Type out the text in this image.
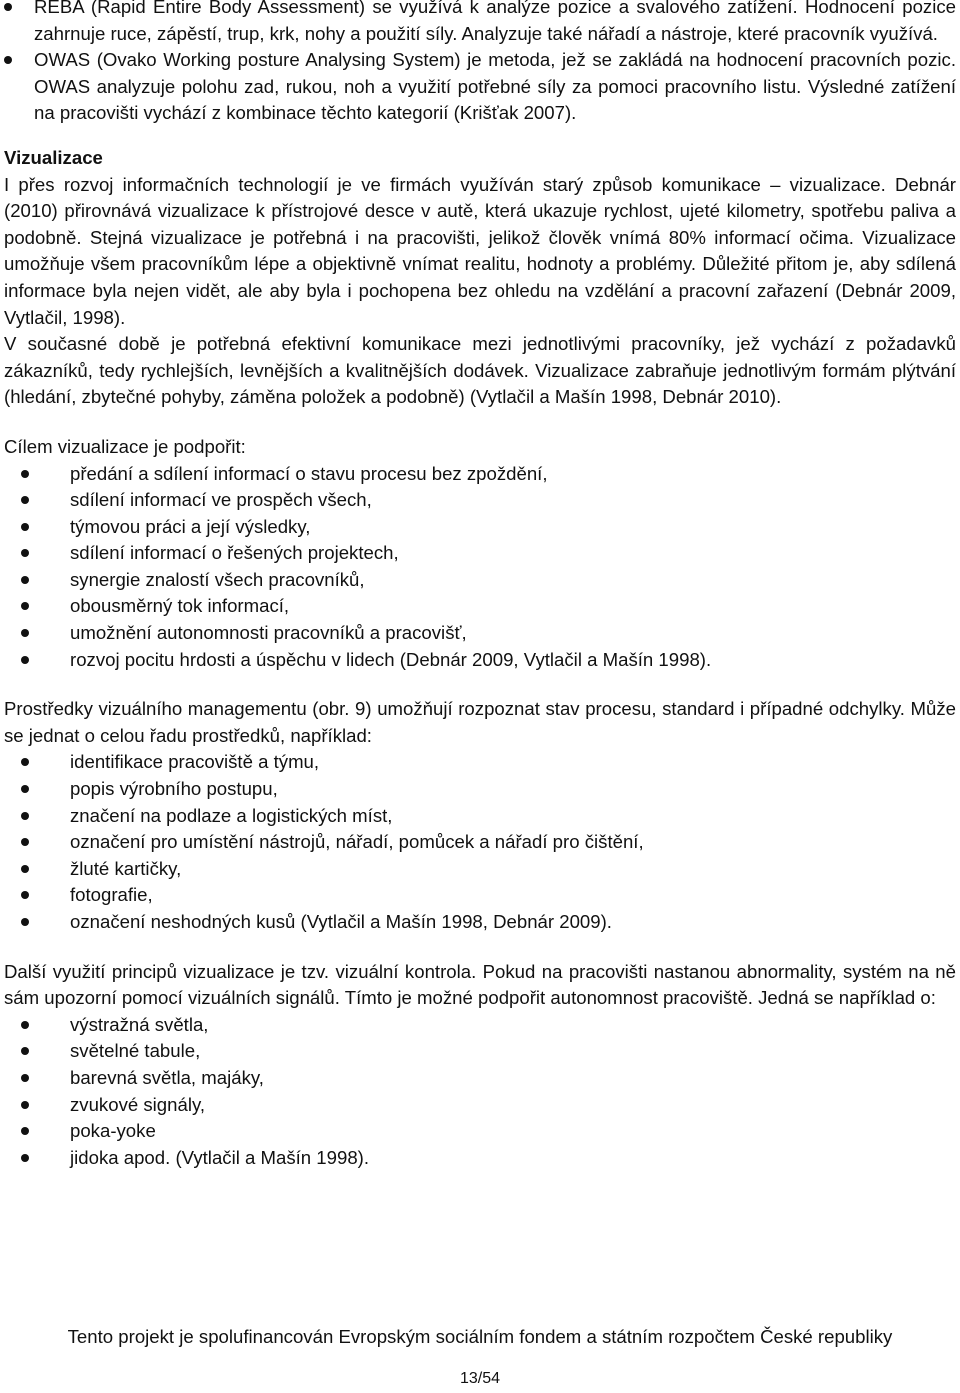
REBA (Rapid Entire Body Assessment) se využívá k analýze pozice a svalového zatížení. Hodnocení pozice zahrnuje ruce, zápěstí, trup, krk, nohy a použití síly. Analyzuje také nářadí a nástroje, které pracovník využívá.
OWAS (Ovako Working posture Analysing System) je metoda, jež se zakládá na hodnocení pracovních pozic. OWAS analyzuje polohu zad, rukou, noh a využití potřebné síly za pomoci pracovního listu. Výsledné zatížení na pracovišti vychází z kombinace těchto kategorií (Krišťak 2007).
Vizualizace

I přes rozvoj informačních technologií je ve firmách využíván starý způsob komunikace – vizualizace. Debnár (2010) přirovnává vizualizace k přístrojové desce v autě, která ukazuje rychlost, ujeté kilometry, spotřebu paliva a podobně. Stejná vizualizace je potřebná i na pracovišti, jelikož člověk vnímá 80% informací očima. Vizualizace umožňuje všem pracovníkům lépe a objektivně vnímat realitu, hodnoty a problémy. Důležité přitom je, aby sdílená informace byla nejen vidět, ale aby byla i pochopena bez ohledu na vzdělání a pracovní zařazení (Debnár 2009, Vytlačil, 1998).

V současné době je potřebná efektivní komunikace mezi jednotlivými pracovníky, jež vychází z požadavků zákazníků, tedy rychlejších, levnějších a kvalitnějších dodávek. Vizualizace zabraňuje jednotlivým formám plýtvání (hledání, zbytečné pohyby, záměna položek a podobně) (Vytlačil a Mašín 1998, Debnár 2010).

Cílem vizualizace je podpořit:

předání a sdílení informací o stavu procesu bez zpoždění,
sdílení informací ve prospěch všech,
týmovou práci a její výsledky,
sdílení informací o řešených projektech,
synergie znalostí všech pracovníků,
obousměrný tok informací,
umožnění autonomnosti pracovníků a pracovišť,
rozvoj pocitu hrdosti a úspěchu v lidech (Debnár 2009, Vytlačil a Mašín 1998).

Prostředky vizuálního managementu (obr. 9) umožňují rozpoznat stav procesu, standard i případné odchylky. Může se jednat o celou řadu prostředků, například:

identifikace pracoviště a týmu,
popis výrobního postupu,
značení na podlaze a logistických míst,
označení pro umístění nástrojů, nářadí, pomůcek a nářadí pro čištění,
žluté kartičky,
fotografie,
označení neshodných kusů (Vytlačil a Mašín 1998, Debnár 2009).

Další využití principů vizualizace je tzv. vizuální kontrola. Pokud na pracovišti nastanou abnormality, systém na ně sám upozorní pomocí vizuálních signálů. Tímto je možné podpořit autonomnost pracoviště. Jedná se například o:

výstražná světla,
světelné tabule,
barevná světla, majáky,
zvukové signály,
poka-yoke
jidoka apod. (Vytlačil a Mašín 1998).
Tento projekt je spolufinancován Evropským sociálním fondem a státním rozpočtem České republiky
13/54
